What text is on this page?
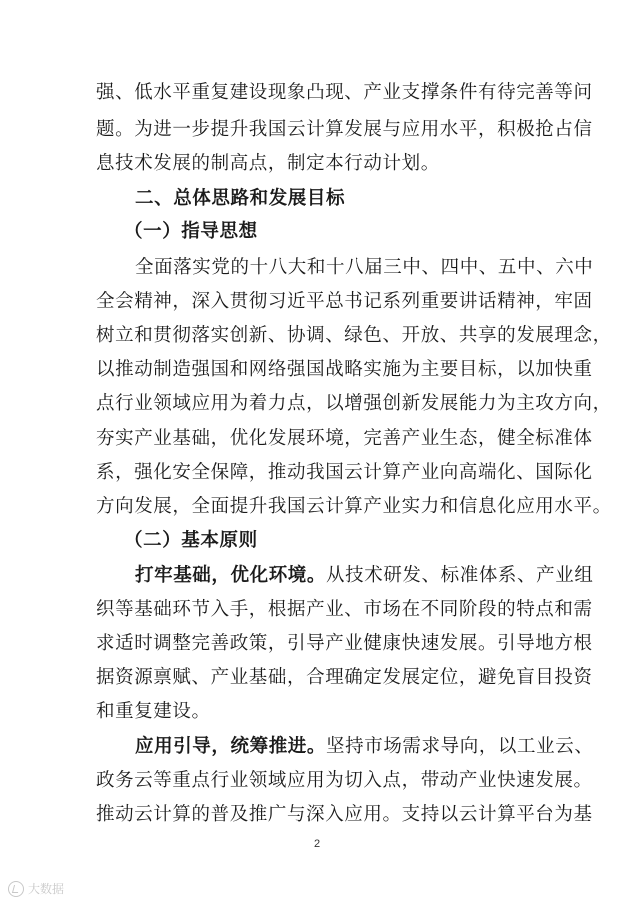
强、低水平重复建设现象凸现、产业支撑条件有待完善等问
题。为进一步提升我国云计算发展与应用水平，积极抢占信
息技术发展的制高点，制定本行动计划。
二、总体思路和发展目标
（一）指导思想
全面落实党的十八大和十八届三中、四中、五中、六中
全会精神，深入贯彻习近平总书记系列重要讲话精神，牢固
树立和贯彻落实创新、协调、绿色、开放、共享的发展理念，
以推动制造强国和网络强国战略实施为主要目标，以加快重
点行业领域应用为着力点，以增强创新发展能力为主攻方向，
夯实产业基础，优化发展环境，完善产业生态，健全标准体
系，强化安全保障，推动我国云计算产业向高端化、国际化
方向发展，全面提升我国云计算产业实力和信息化应用水平。
（二）基本原则
打牢基础，优化环境。从技术研发、标准体系、产业组
织等基础环节入手，根据产业、市场在不同阶段的特点和需
求适时调整完善政策，引导产业健康快速发展。引导地方根
据资源禀赋、产业基础，合理确定发展定位，避免盲目投资
和重复建设。
应用引导，统筹推进。坚持市场需求导向，以工业云、
政务云等重点行业领域应用为切入点，带动产业快速发展。
推动云计算的普及推广与深入应用。支持以云计算平台为基
2
大数据
